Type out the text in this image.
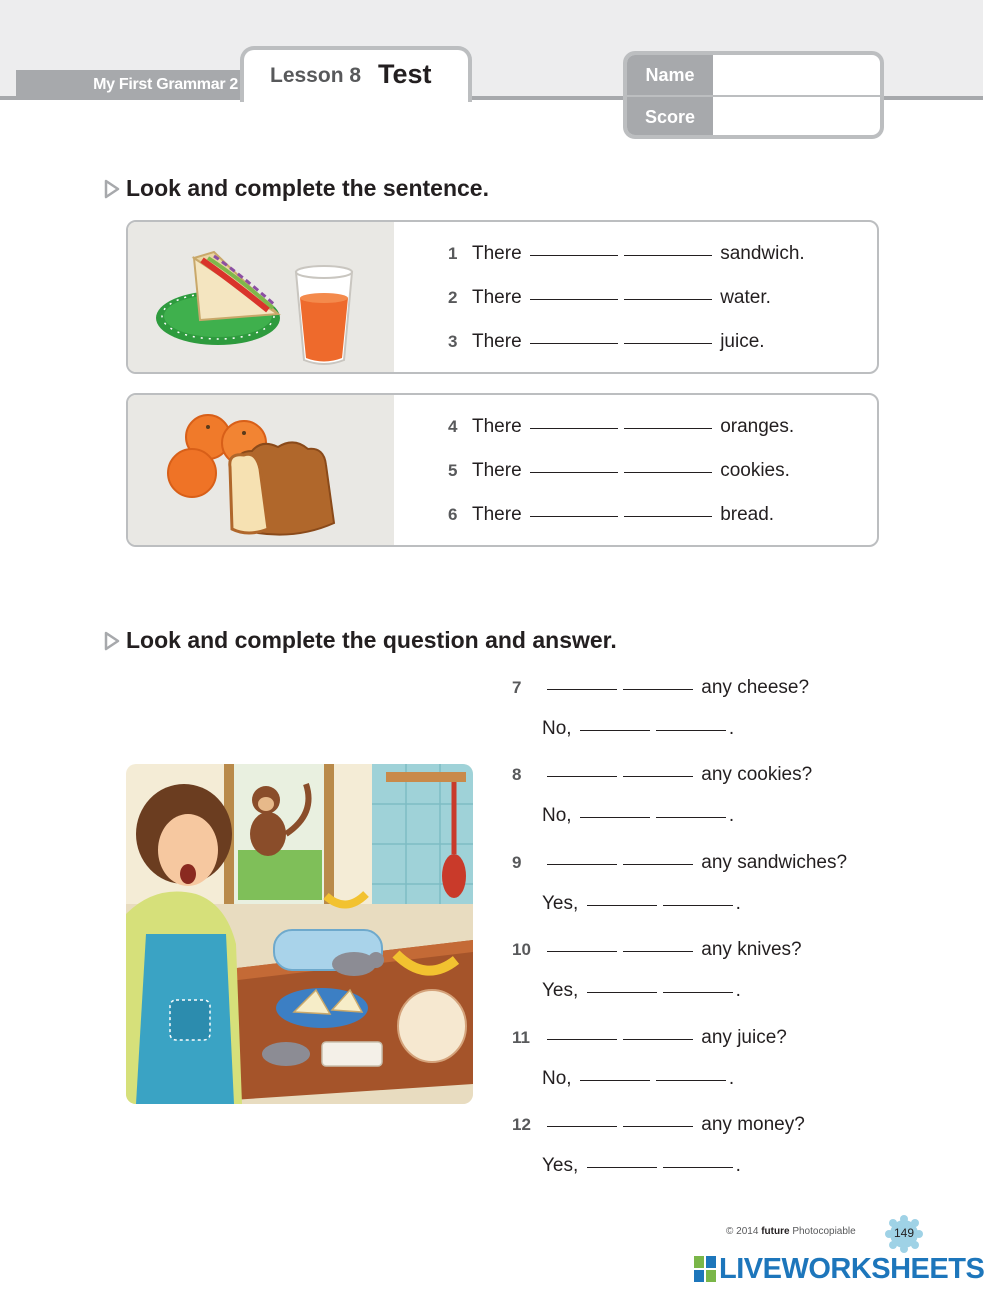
My First Grammar 2	Lesson 8 Test	Name
Score
Look and complete the sentence.
1 There	sandwich.
2 There	water.
3 There	juice.
4 There	oranges.
5 There	cookies.
6 There	bread.
Look and complete the question and answer.
7	any cheese?
No,	.
8	any cookies?
No,	.
9	any sandwiches?
Yes,	.
10	any knives?
Yes,	.
11	any juice?
No,	.
12	any money?
Yes,	.
© 2014 future Photocopiable	149
LIVEWORKSHEETS
